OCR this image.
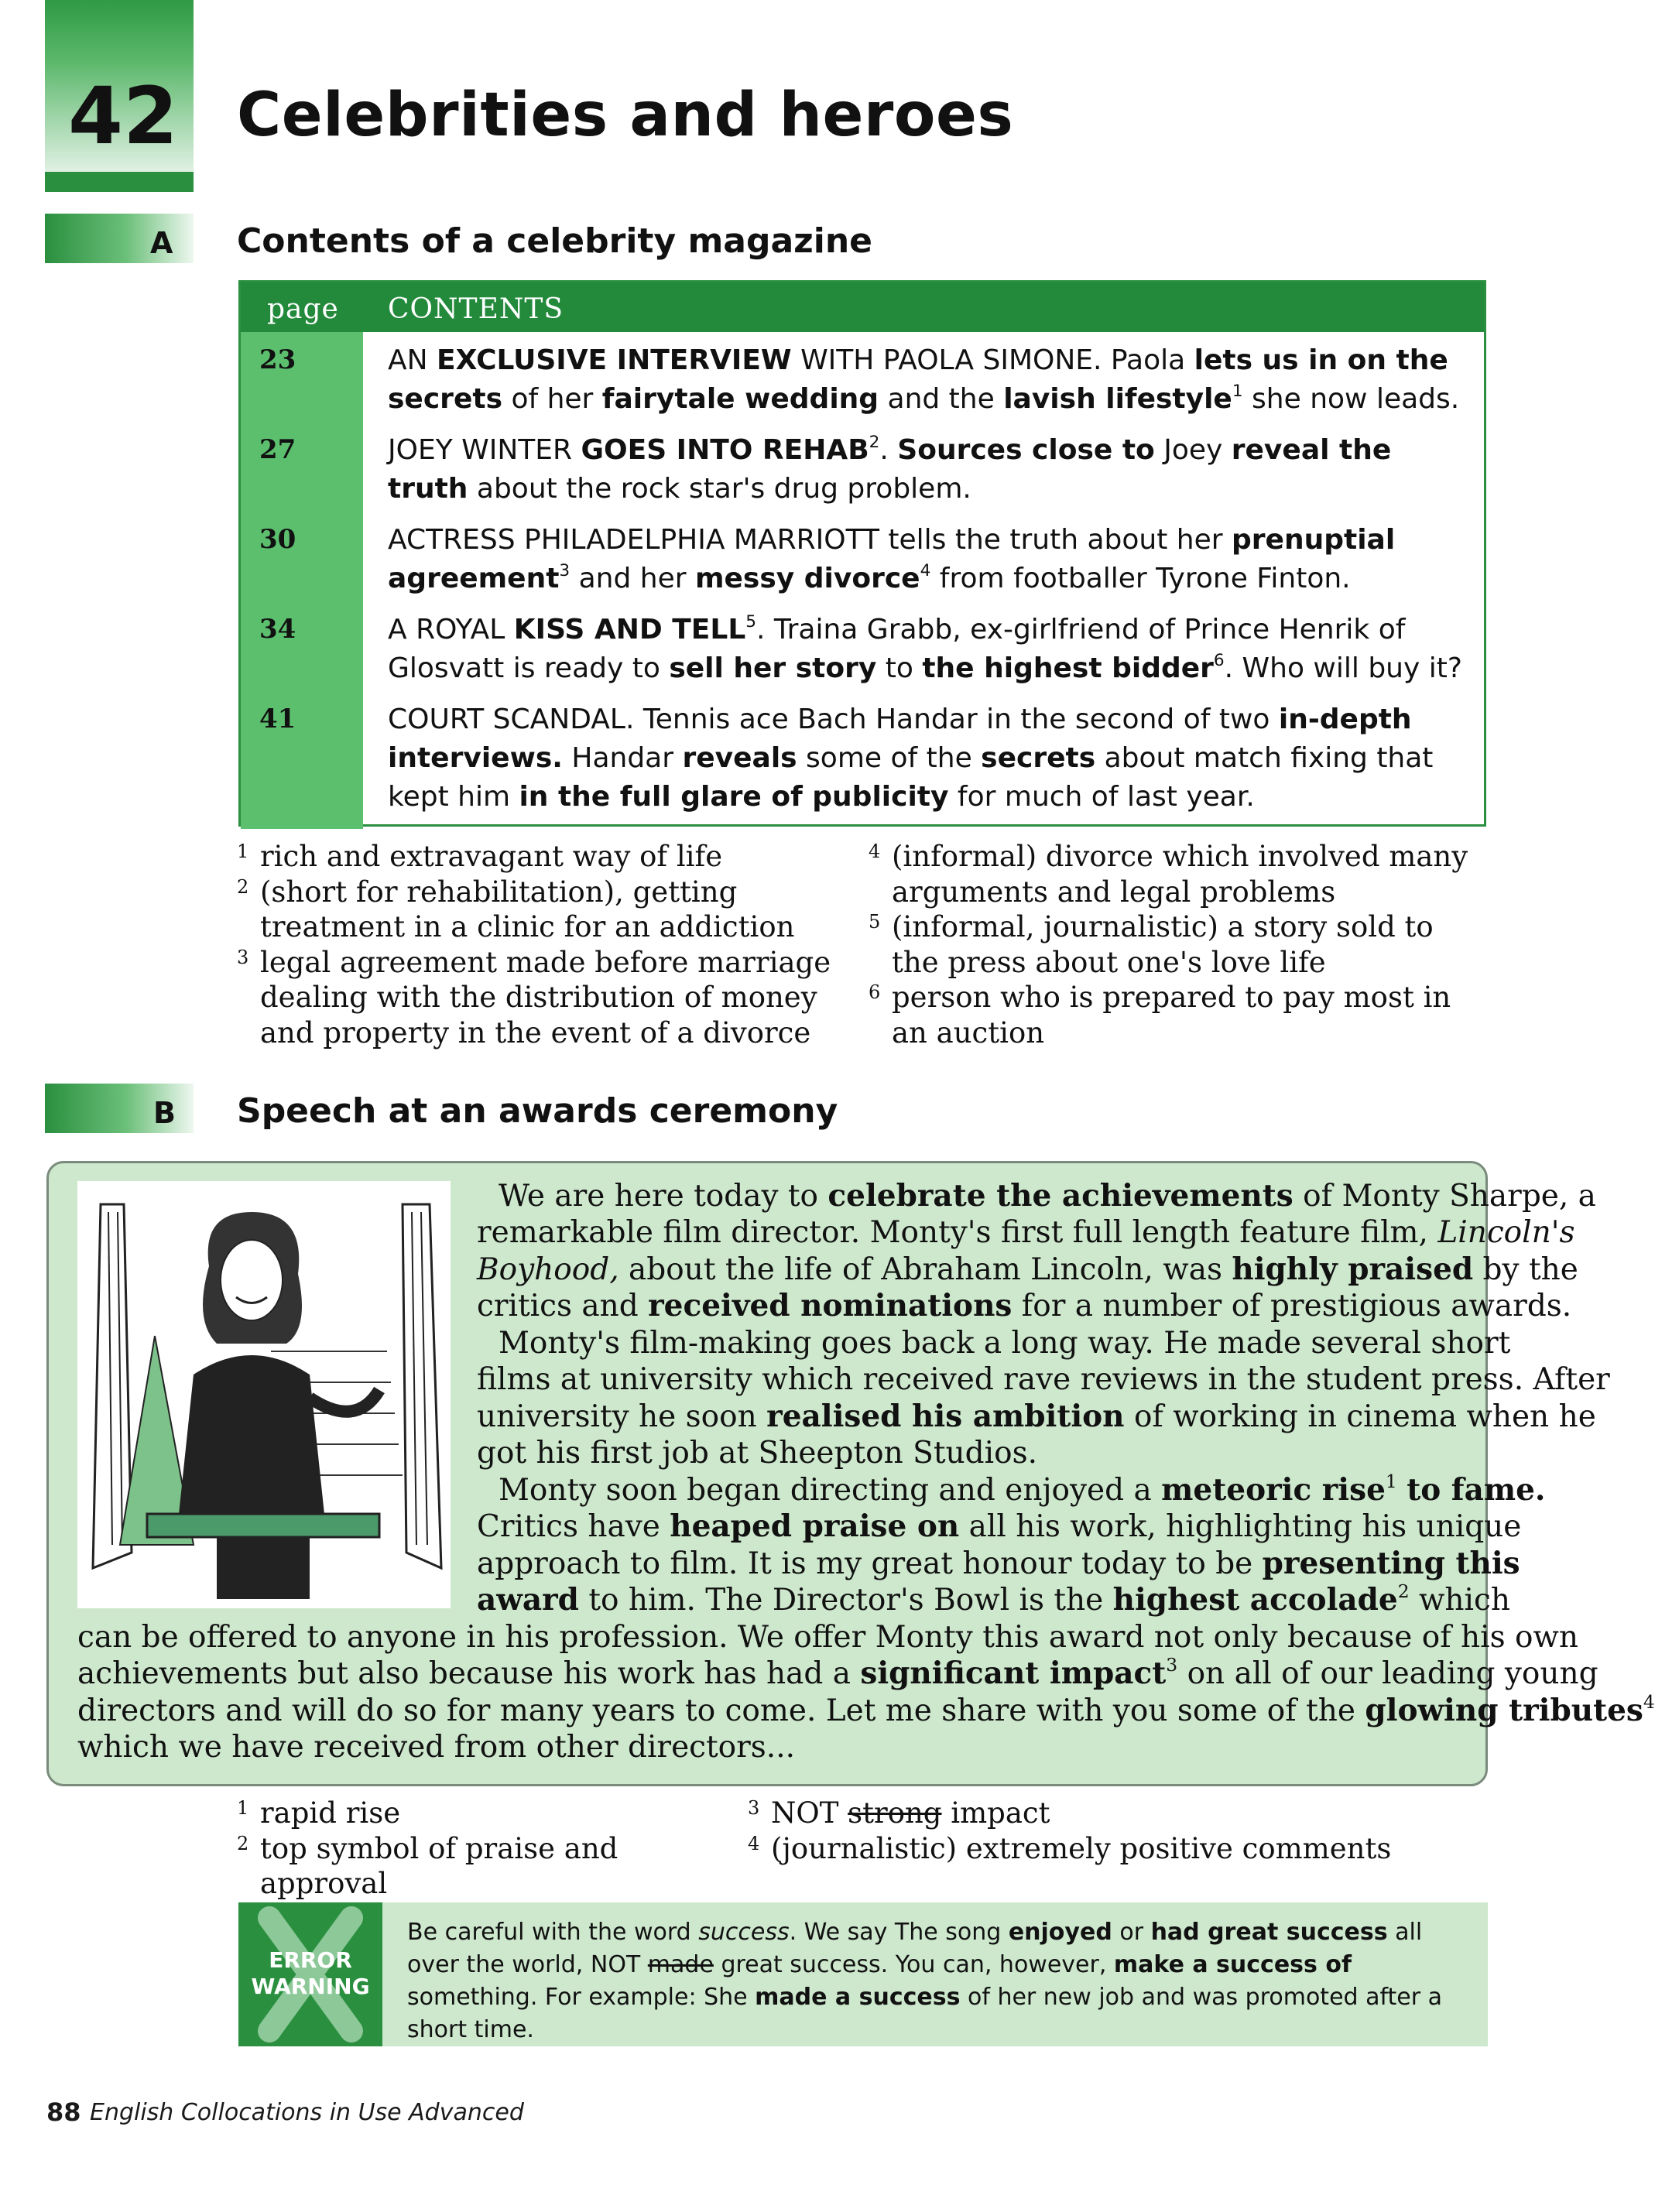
42 Celebrities and heroes
A Contents of a celebrity magazine
page CONTENTS
23	AN EXCLUSIVE INTERVIEW WITH PAOLA SIMONE. Paola lets us in on the secrets of her fairytale wedding and the lavish lifestyle$^1$ she now leads.
27	JOEY WINTER GOES INTO REHAB$^2$. Sources close to Joey reveal the truth about the rock star's drug problem.
30	ACTRESS PHILADELPHIA MARRIOTT tells the truth about her prenuptial agreement$^3$ and her messy divorce$^4$ from footballer Tyrone Finton.
34	A ROYAL KISS AND TELL$^5$. Traina Grabb, ex-girlfriend of Prince Henrik of Glosvatt is ready to sell her story to the highest bidder$^6$. Who will buy it?
41	COURT SCANDAL. Tennis ace Bach Handar in the second of two in-depth interviews. Handar reveals some of the secrets about match fixing that kept him in the full glare of publicity for much of last year.
1 rich and extravagant way of life
2 (short for rehabilitation), getting treatment in a clinic for an addiction
3 legal agreement made before marriage dealing with the distribution of money and property in the event of a divorce
4 (informal) divorce which involved many arguments and legal problems
5 (informal, journalistic) a story sold to the press about one's love life
6 person who is prepared to pay most in an auction
B Speech at an awards ceremony
We are here today to celebrate the achievements of Monty Sharpe, a
remarkable film director. Monty's first full length feature film, Lincoln's
Boyhood, about the life of Abraham Lincoln, was highly praised by the
critics and received nominations for a number of prestigious awards.
Monty's film-making goes back a long way. He made several short
films at university which received rave reviews in the student press. After
university he soon realised his ambition of working in cinema when he
got his first job at Sheepton Studios.
Monty soon began directing and enjoyed a meteoric rise$^1$ to fame.
Critics have heaped praise on all his work, highlighting his unique
approach to film. It is my great honour today to be presenting this
award to him. The Director's Bowl is the highest accolade$^2$ which
can be offered to anyone in his profession. We offer Monty this award not only because of his own
achievements but also because his work has had a significant impact$^3$ on all of our leading young
directors and will do so for many years to come. Let me share with you some of the glowing tributes$^4$
which we have received from other directors...
1 rapid rise
2 top symbol of praise and approval
3 NOT strong impact
4 (journalistic) extremely positive comments
ERROR
WARNING
Be careful with the word success. We say The song enjoyed or had great success all over the world, NOT made great success. You can, however, make a success of something. For example: She made a success of her new job and was promoted after a short time.
88 English Collocations in Use Advanced
